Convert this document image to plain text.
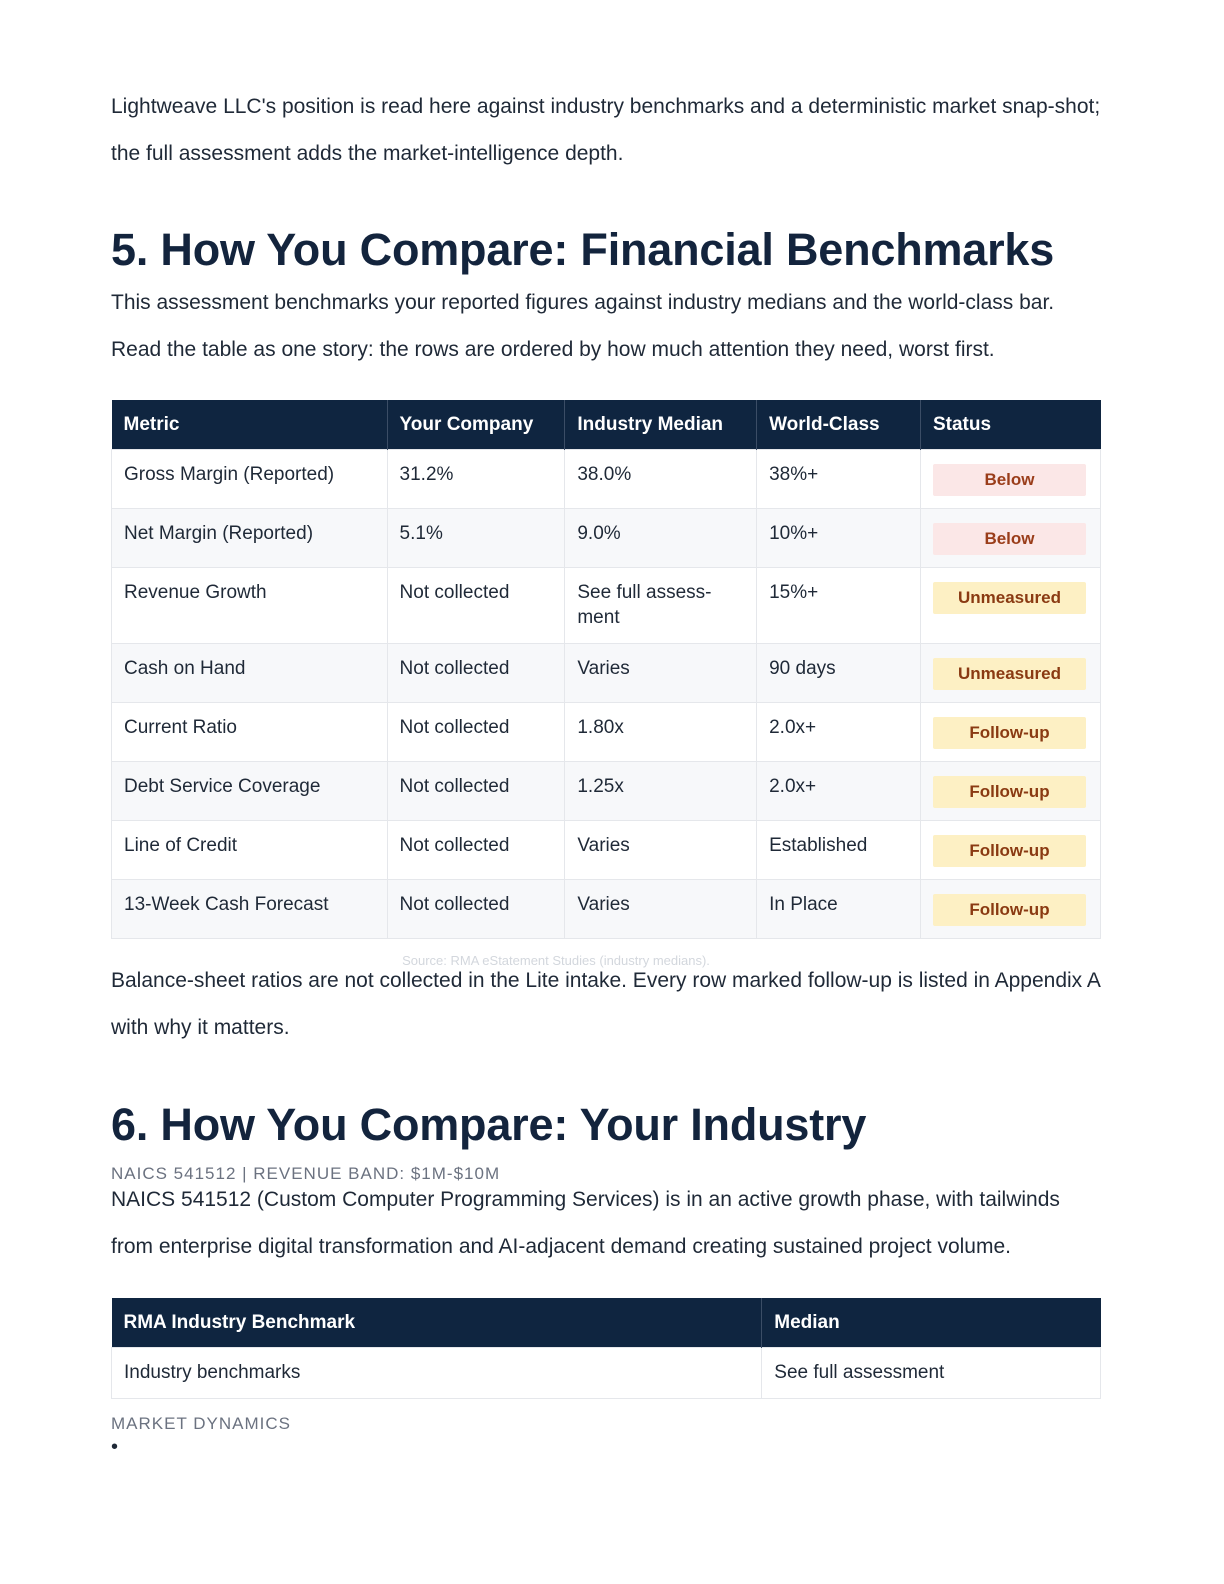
Lightweave LLC's position is read here against industry benchmarks and a deterministic market snap-shot; the full assessment adds the market-intelligence depth.

5. How You Compare: Financial Benchmarks

This assessment benchmarks your reported figures against industry medians and the world-class bar. Read the table as one story: the rows are ordered by how much attention they need, worst first.

Metric	Your Company	Industry Median	World-Class	Status
Gross Margin (Reported)	31.2%	38.0%	38%+	Below

Net Margin (Reported)	5.1%	9.0%	10%+	Below

Revenue Growth	Not collected	See full assess-ment	15%+	Unmeasured

Cash on Hand	Not collected	Varies	90 days	Unmeasured

Current Ratio	Not collected	1.80x	2.0x+	Follow-up

Debt Service Coverage	Not collected	1.25x	2.0x+	Follow-up

Line of Credit	Not collected	Varies	Established	Follow-up

13-Week Cash Forecast	Not collected	Varies	In Place	Follow-up
Source: RMA eStatement Studies (industry medians).

Balance-sheet ratios are not collected in the Lite intake. Every row marked follow-up is listed in Appendix A with why it matters.

6. How You Compare: Your Industry
NAICS 541512 | REVENUE BAND: $1M-$10M

NAICS 541512 (Custom Computer Programming Services) is in an active growth phase, with tailwinds from enterprise digital transformation and AI-adjacent demand creating sustained project volume.

RMA Industry Benchmark	Median
Industry benchmarks	See full assessment
MARKET DYNAMICS
•
